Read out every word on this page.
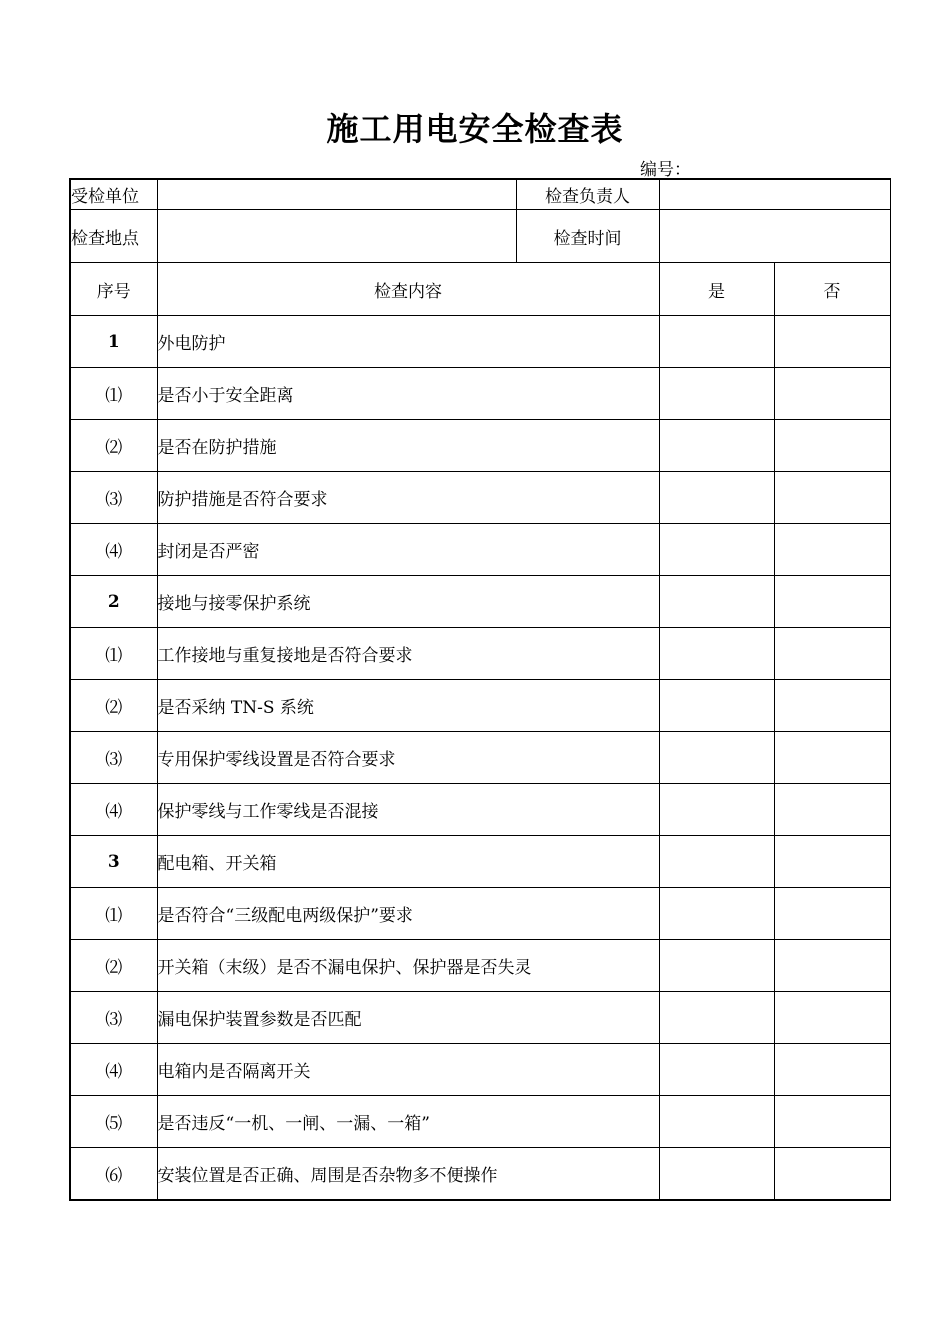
施工用电安全检查表
编号：
受检单位		检查负责人		
检查地点		检查时间		
序号	检查内容		是	否
1	外电防护			
⑴	是否小于安全距离			
⑵	是否在防护措施			
⑶	防护措施是否符合要求			
⑷	封闭是否严密			
2	接地与接零保护系统			
⑴	工作接地与重复接地是否符合要求			
⑵	是否采纳 TN-S 系统			
⑶	专用保护零线设置是否符合要求			
⑷	保护零线与工作零线是否混接			
3	配电箱、开关箱			
⑴	是否符合“三级配电两级保护”要求			
⑵	开关箱（末级）是否不漏电保护、保护器是否失灵			
⑶	漏电保护装置参数是否匹配			
⑷	电箱内是否隔离开关			
⑸	是否违反“一机、一闸、一漏、一箱”			
⑹	安装位置是否正确、周围是否杂物多不便操作			
